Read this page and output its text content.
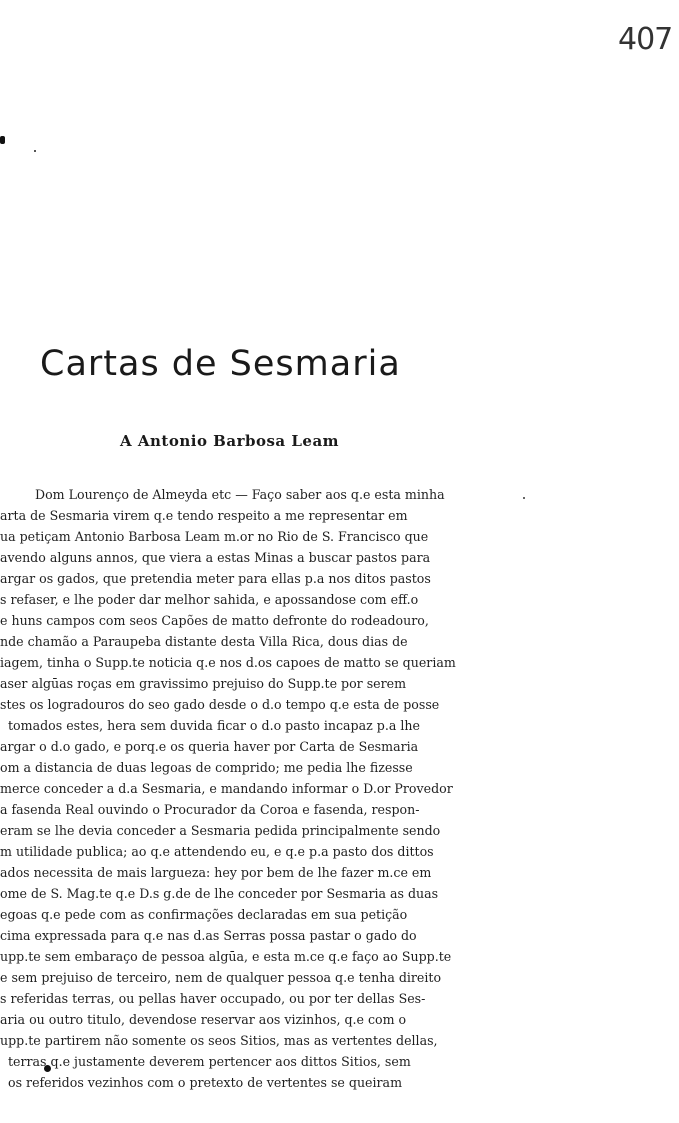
407
Cartas de Sesmaria
A Antonio Barbosa Leam
Dom Lourenço de Almeyda etc — Faço saber aos q.e esta minha
arta de Sesmaria virem q.e tendo respeito a me representar em
ua petiçam Antonio Barbosa Leam m.or no Rio de S. Francisco que
avendo alguns annos, que viera a estas Minas a buscar pastos para
argar os gados, que pretendia meter para ellas p.a nos ditos pastos
s refaser, e lhe poder dar melhor sahida, e apossandose com eff.o
e huns campos com seos Capões de matto defronte do rodeadouro,
nde chamão a Paraupeba distante desta Villa Rica, dous dias de
iagem, tinha o Supp.te noticia q.e nos d.os capoes de matto se queriam
aser algūas roças em gravissimo prejuiso do Supp.te por serem
stes os logradouros do seo gado desde o d.o tempo q.e esta de posse
tomados estes, hera sem duvida ficar o d.o pasto incapaz p.a lhe
argar o d.o gado, e porq.e os queria haver por Carta de Sesmaria
om a distancia de duas legoas de comprido; me pedia lhe fizesse
merce conceder a d.a Sesmaria, e mandando informar o D.or Provedor
a fasenda Real ouvindo o Procurador da Coroa e fasenda, respon-
eram se lhe devia conceder a Sesmaria pedida principalmente sendo
m utilidade publica; ao q.e attendendo eu, e q.e p.a pasto dos dittos
ados necessita de mais largueza: hey por bem de lhe fazer m.ce em
ome de S. Mag.te q.e D.s g.de de lhe conceder por Sesmaria as duas
egoas q.e pede com as confirmações declaradas em sua petição
cima expressada para q.e nas d.as Serras possa pastar o gado do
upp.te sem embaraço de pessoa algūa, e esta m.ce q.e faço ao Supp.te
e sem prejuiso de terceiro, nem de qualquer pessoa q.e tenha direito
s referidas terras, ou pellas haver occupado, ou por ter dellas Ses-
aria ou outro titulo, devendose reservar aos vizinhos, q.e com o
upp.te partirem não somente os seos Sitios, mas as vertentes dellas,
terras q.e justamente deverem pertencer aos dittos Sitios, sem
os referidos vezinhos com o pretexto de vertentes se queiram
